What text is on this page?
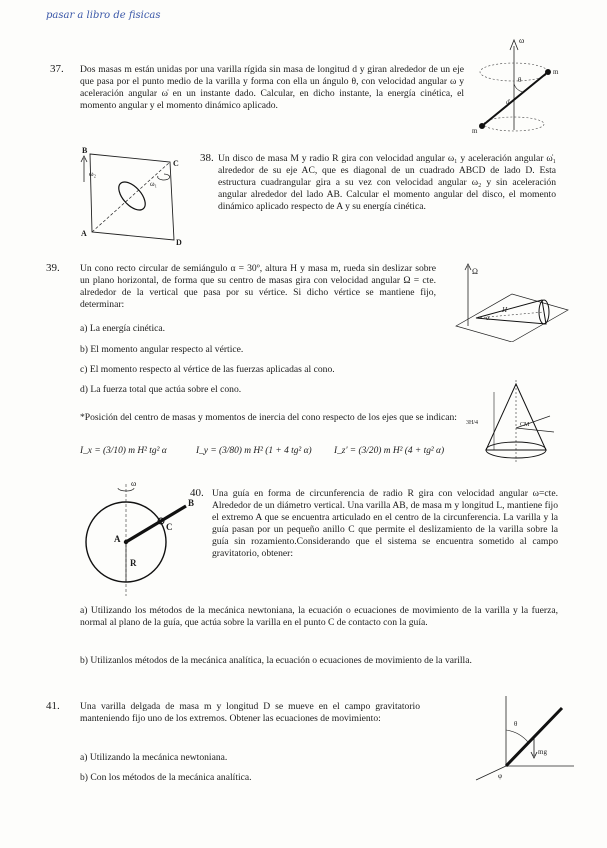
pasar a libro de fisicas
37. Dos masas m están unidas por una varilla rígida sin masa de longitud d y giran alrededor de un eje que pasa por el punto medio de la varilla y forma con ella un ángulo θ, con velocidad angular ω y aceleración angular ω̇ en un instante dado. Calcular, en dicho instante, la energía cinética, el momento angular y el momento dinámico aplicado.
ω
θ
d
m
m
B
C
A
D
ω₂
ω₁
38. Un disco de masa M y radio R gira con velocidad angular ω₁ y aceleración angular ω̇₁ alrededor de su eje AC, que es diagonal de un cuadrado ABCD de lado D. Esta estructura cuadrangular gira a su vez con velocidad angular ω₂ y sin aceleración angular alrededor del lado AB. Calcular el momento angular del disco, el momento dinámico aplicado respecto de A y su energía cinética.
39. Un cono recto circular de semiángulo α = 30º, altura H y masa m, rueda sin deslizar sobre un plano horizontal, de forma que su centro de masas gira con velocidad angular Ω = cte. alrededor de la vertical que pasa por su vértice. Si dicho vértice se mantiene fijo, determinar:
a) La energía cinética.
b) El momento angular respecto al vértice.
c) El momento respecto al vértice de las fuerzas aplicadas al cono.
d) La fuerza total que actúa sobre el cono.
*Posición del centro de masas y momentos de inercia del cono respecto de los ejes que se indican:
I_x = (3/10) m H² tg² α	I_y = (3/80) m H² (1 + 4 tg² α) I_z' = (3/20) m H² (4 + tg² α)
Ω
H
α
3H/4	CM
ω
B
C
A
R
40. Una guía en forma de circunferencia de radio R gira con velocidad angular ω=cte. Alrededor de un diámetro vertical. Una varilla AB, de masa m y longitud L, mantiene fijo el extremo A que se encuentra articulado en el centro de la circunferencia. La varilla y la guía pasan por un pequeño anillo C que permite el deslizamiento de la varilla sobre la guía sin rozamiento.Considerando que el sistema se encuentra sometido al campo gravitatorio, obtener:
a) Utilizando los métodos de la mecánica newtoniana, la ecuación o ecuaciones de movimiento de la varilla y la fuerza, normal al plano de la guía, que actúa sobre la varilla en el punto C de contacto con la guía.
b) Utilizanlos métodos de la mecánica analítica, la ecuación o ecuaciones de movimiento de la varilla.
41. Una varilla delgada de masa m y longitud D se mueve en el campo gravitatorio manteniendo fijo uno de los extremos. Obtener las ecuaciones de movimiento:
a) Utilizando la mecánica newtoniana.
b) Con los métodos de la mecánica analítica.
θ
mg
φ
